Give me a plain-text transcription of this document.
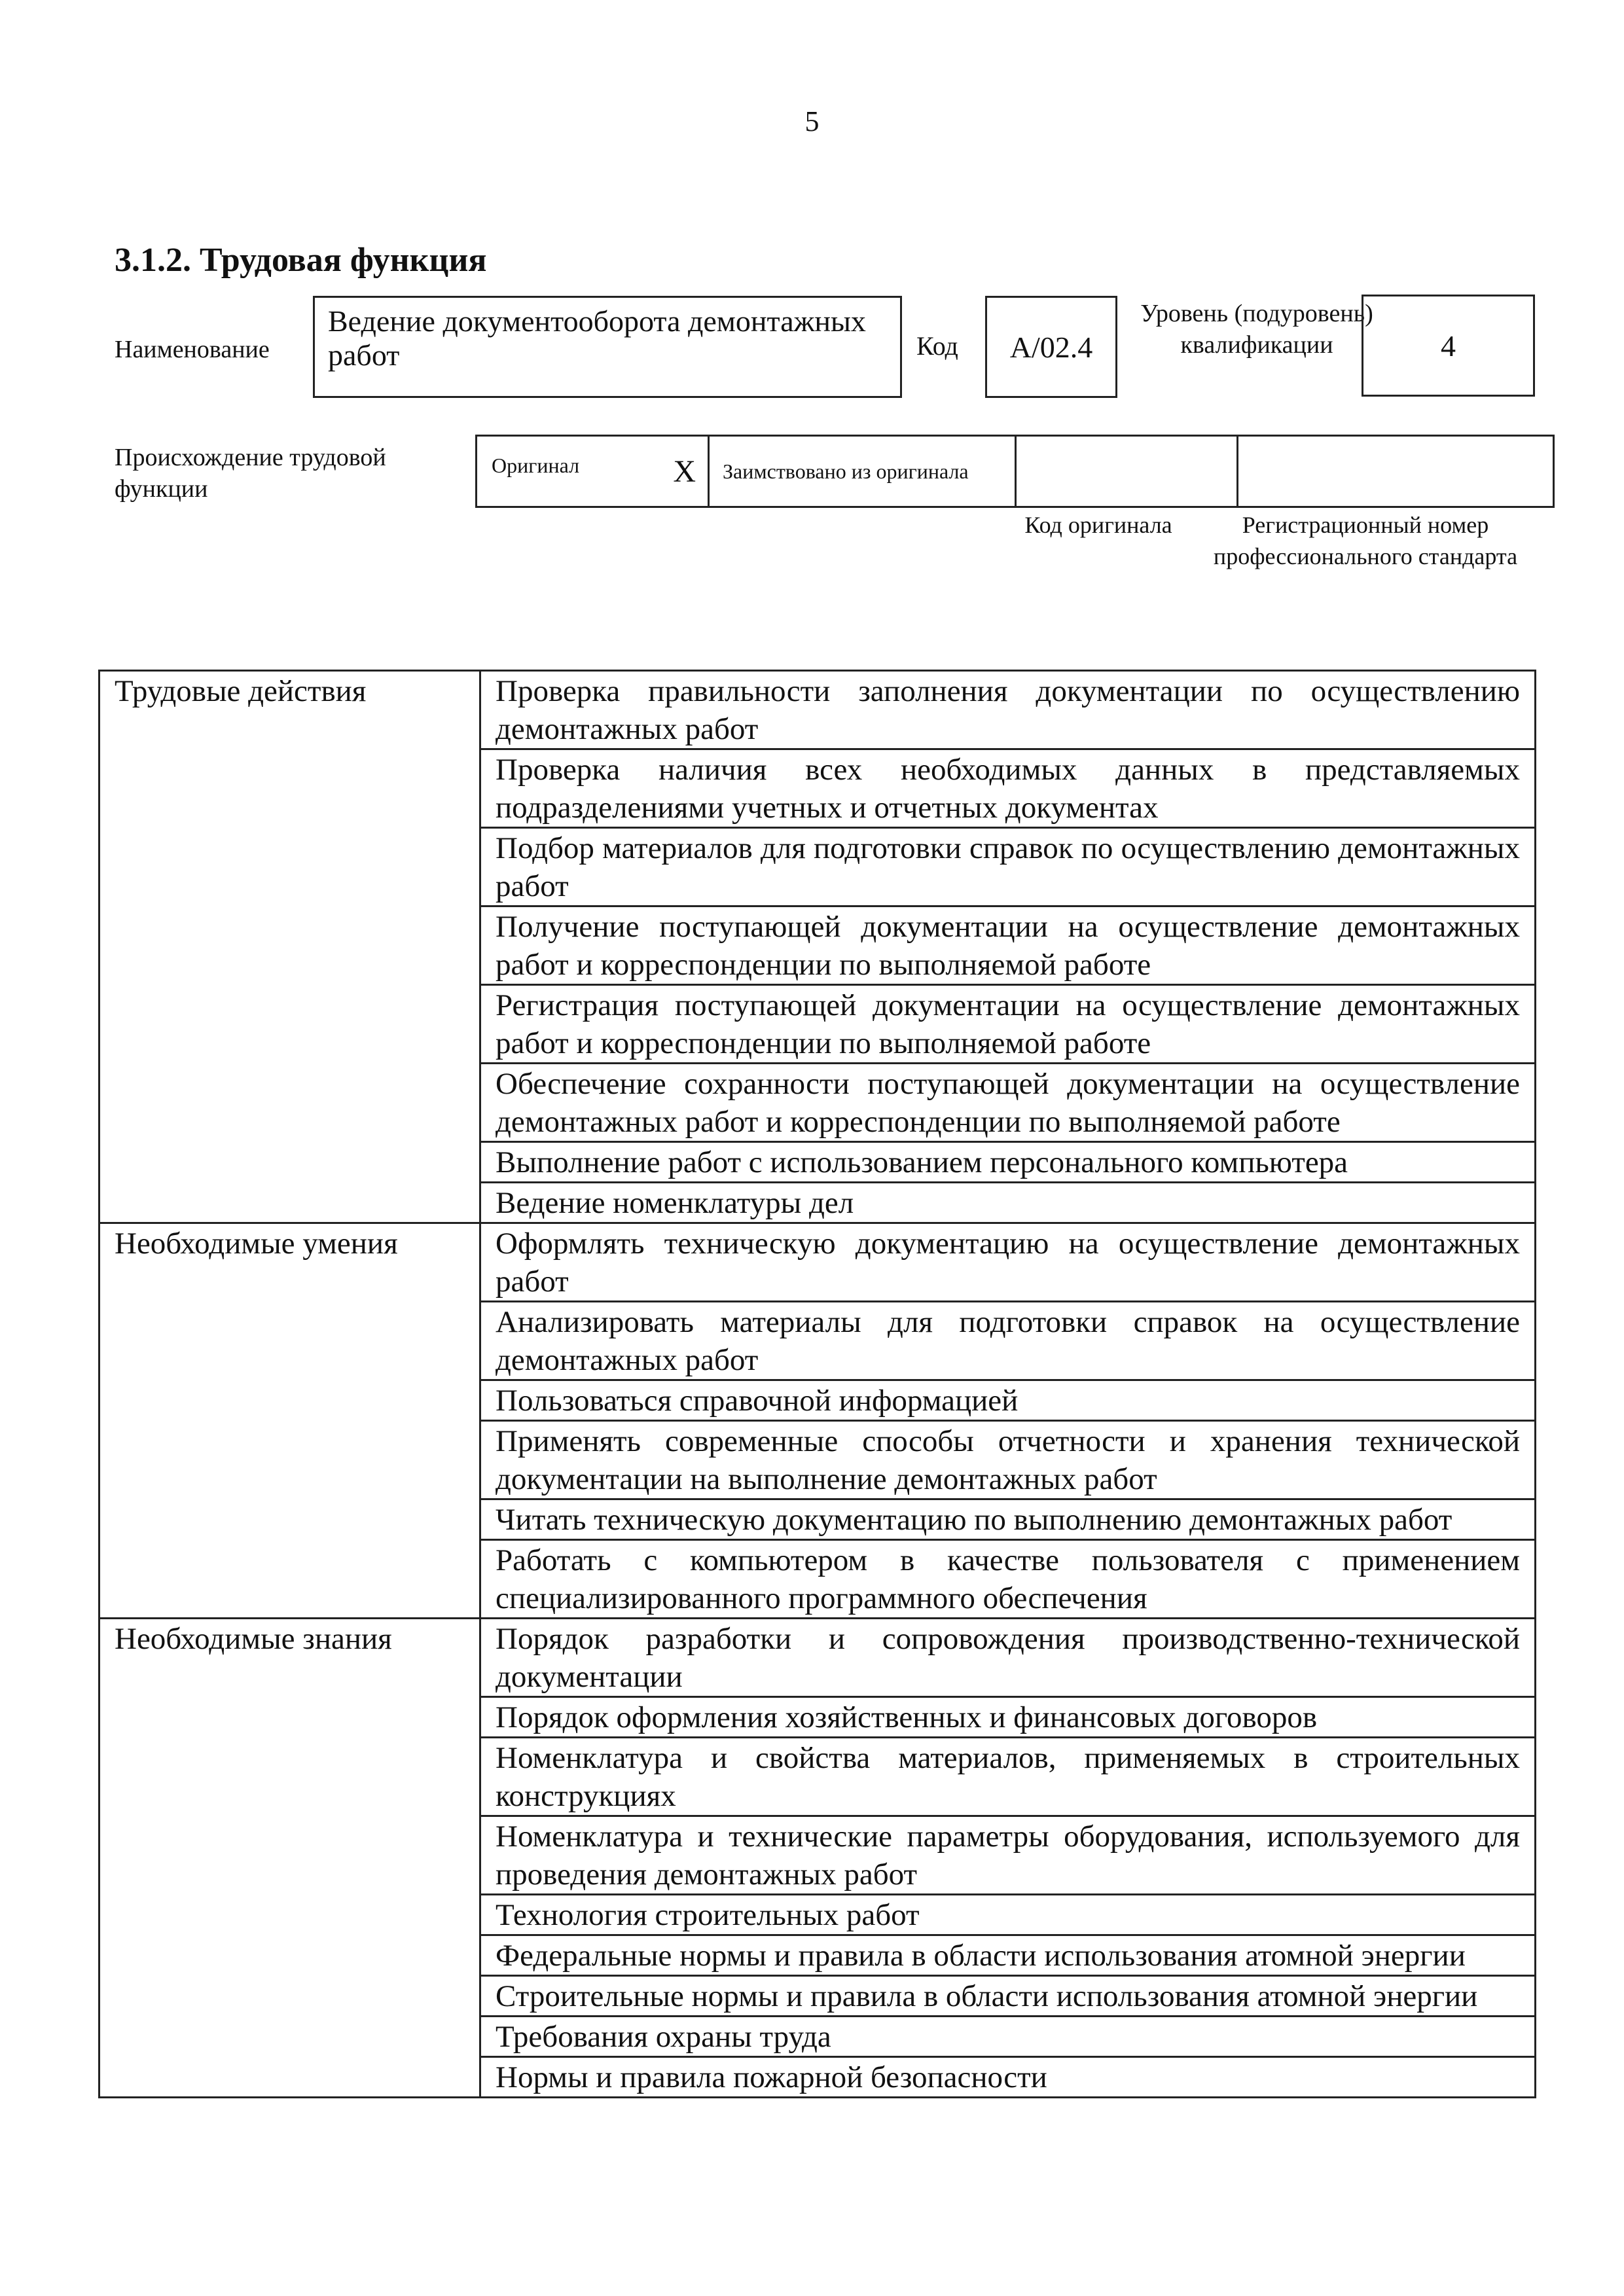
5
3.1.2. Трудовая функция
Наименование
Ведение документооборота демонтажных работ	Код	А/02.4
Уровень (подуровень) квалификации	4
Происхождение трудовой функции
Оригинал	X	Заимствовано из оригинала		
Код оригинала	Регистрационный номер профессионального стандарта
Трудовые действия	Проверка правильности заполнения документации по осуществлению демонтажных работ
	Проверка наличия всех необходимых данных в представляемых подразделениями учетных и отчетных документах
	Подбор материалов для подготовки справок по осуществлению демонтажных работ
	Получение поступающей документации на осуществление демонтажных работ и корреспонденции по выполняемой работе
	Регистрация поступающей документации на осуществление демонтажных работ и корреспонденции по выполняемой работе
	Обеспечение сохранности поступающей документации на осуществление демонтажных работ и корреспонденции по выполняемой работе
	Выполнение работ с использованием персонального компьютера
	Ведение номенклатуры дел
Необходимые умения	Оформлять техническую документацию на осуществление демонтажных работ
	Анализировать материалы для подготовки справок на осуществление демонтажных работ
	Пользоваться справочной информацией
	Применять современные способы отчетности и хранения технической документации на выполнение демонтажных работ
	Читать техническую документацию по выполнению демонтажных работ
	Работать с компьютером в качестве пользователя с применением специализированного программного обеспечения
Необходимые знания	Порядок разработки и сопровождения производственно-технической документации
	Порядок оформления хозяйственных и финансовых договоров
	Номенклатура и свойства материалов, применяемых в строительных конструкциях
	Номенклатура и технические параметры оборудования, используемого для проведения демонтажных работ
	Технология строительных работ
	Федеральные нормы и правила в области использования атомной энергии
	Строительные нормы и правила в области использования атомной энергии
	Требования охраны труда
	Нормы и правила пожарной безопасности
